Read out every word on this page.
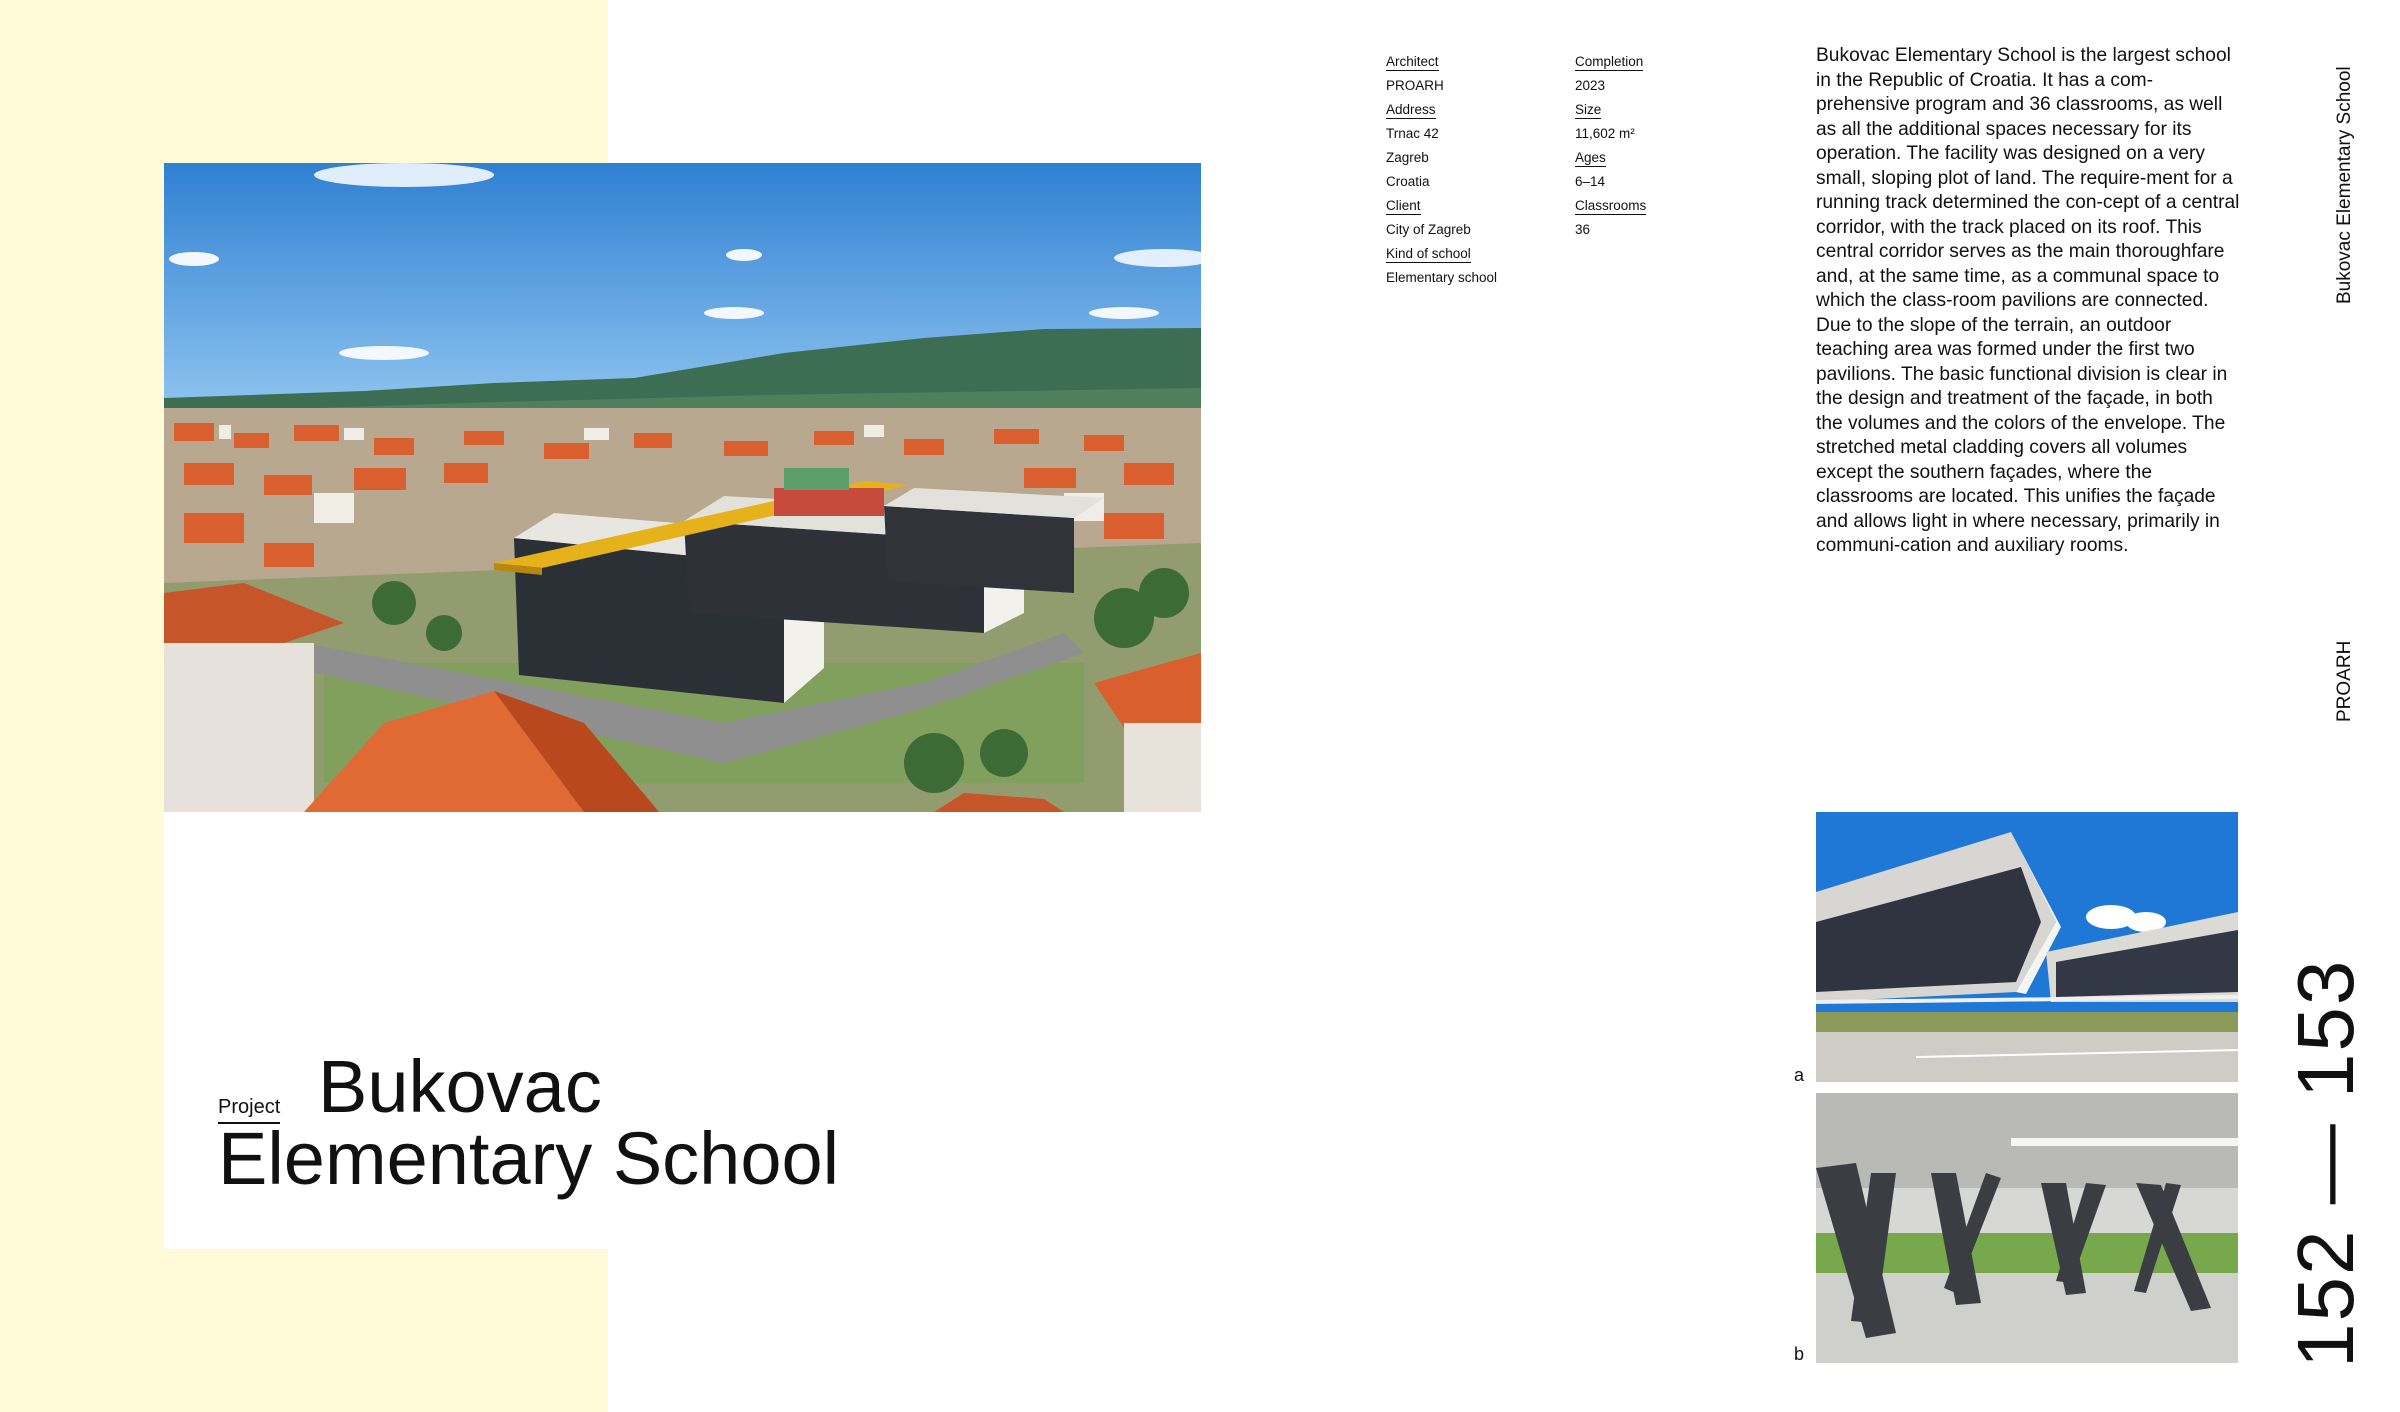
Project Bukovac
Elementary School
Architect
PROARH
Address
Trnac 42
Zagreb
Croatia
Client
City of Zagreb
Kind of school
Elementary school
Completion
2023
Size
11,602 m²
Ages
6–14
Classrooms
36
Bukovac Elementary School is the largest school in the Republic of Croatia. It has a com-prehensive program and 36 classrooms, as well as all the additional spaces necessary for its operation. The facility was designed on a very small, sloping plot of land. The require-ment for a running track determined the con-cept of a central corridor, with the track placed on its roof. This central corridor serves as the main thoroughfare and, at the same time, as a communal space to which the class-room pavilions are connected. Due to the slope of the terrain, an outdoor teaching area was formed under the first two pavilions. The basic functional division is clear in the design and treatment of the façade, in both the volumes and the colors of the envelope. The stretched metal cladding covers all volumes except the southern façades, where the classrooms are located. This unifies the façade and allows light in where necessary, primarily in communi-cation and auxiliary rooms.
a
b
Bukovac Elementary School
PROARH
152 — 153
